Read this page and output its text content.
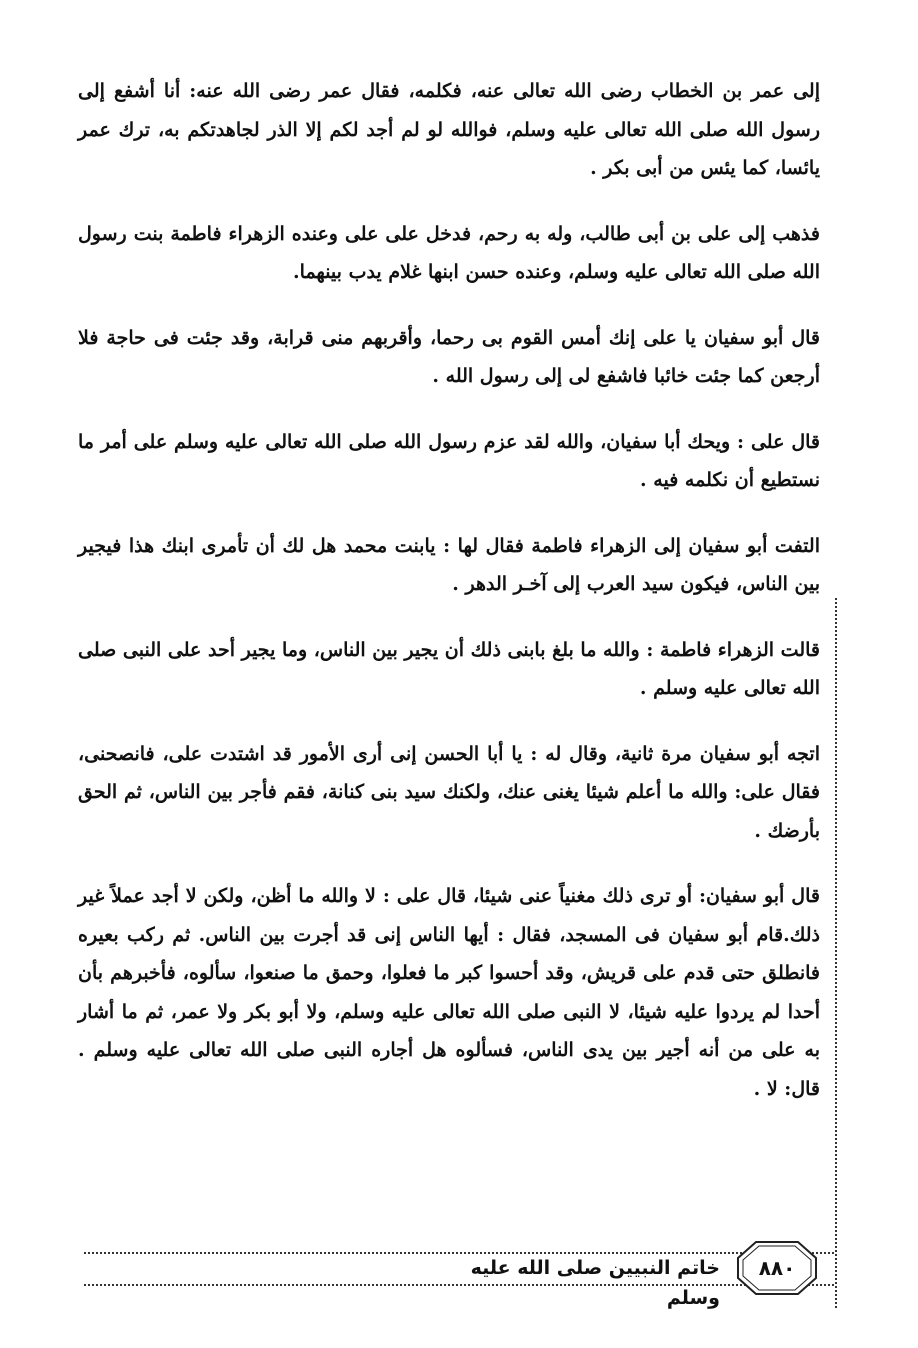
إلى عمر بن الخطاب رضى الله تعالى عنه، فكلمه، فقال عمر رضى الله عنه: أنا أشفع إلى رسول الله صلى الله تعالى عليه وسلم، فوالله لو لم أجد لكم إلا الذر لجاهدتكم به، ترك عمر يائسا، كما يئس من أبى بكر .

فذهب إلى على بن أبى طالب، وله به رحم، فدخل على على وعنده الزهراء فاطمة بنت رسول الله صلى الله تعالى عليه وسلم، وعنده حسن ابنها غلام يدب بينهما.

قال أبو سفيان يا على إنك أمس القوم بى رحما، وأقربهم منى قرابة، وقد جئت فى حاجة فلا أرجعن كما جئت خائبا فاشفع لى إلى رسول الله .

قال على : ويحك أبا سفيان، والله لقد عزم رسول الله صلى الله تعالى عليه وسلم على أمر ما نستطيع أن نكلمه فيه .

التفت أبو سفيان إلى الزهراء فاطمة فقال لها : يابنت محمد هل لك أن تأمرى ابنك هذا فيجير بين الناس، فيكون سيد العرب إلى آخـر الدهر .

قالت الزهراء فاطمة : والله ما بلغ بابنى ذلك أن يجير بين الناس، وما يجير أحد على النبى صلى الله تعالى عليه وسلم .

اتجه أبو سفيان مرة ثانية، وقال له : يا أبا الحسن إنى أرى الأمور قد اشتدت على، فانصحنى، فقال على: والله ما أعلم شيئا يغنى عنك، ولكنك سيد بنى كنانة، فقم فأجر بين الناس، ثم الحق بأرضك .

قال أبو سفيان: أو ترى ذلك مغنياً عنى شيئا، قال على : لا والله ما أظن، ولكن لا أجد عملاً غير ذلك.قام أبو سفيان فى المسجد، فقال : أيها الناس إنى قد أجرت بين الناس. ثم ركب بعيره فانطلق حتى قدم على قريش، وقد أحسوا كبر ما فعلوا، وحمق ما صنعوا، سألوه، فأخبرهم بأن أحدا لم يردوا عليه شيئا، لا النبى صلى الله تعالى عليه وسلم، ولا أبو بكر ولا عمر، ثم ما أشار به على من أنه أجير بين يدى الناس، فسألوه هل أجاره النبى صلى الله تعالى عليه وسلم . قال: لا .

خاتم النبيين صلى الله عليه وسلم
٨٨٠
